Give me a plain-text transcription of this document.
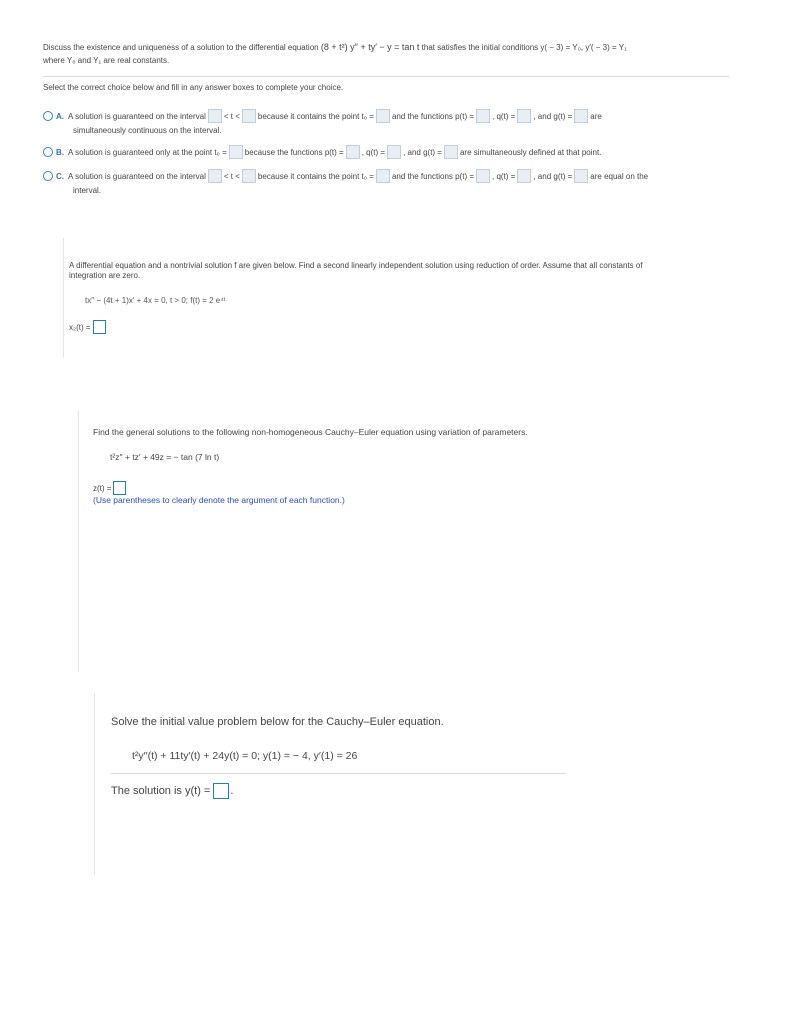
Discuss the existence and uniqueness of a solution to the differential equation (8 + t²) y′′ + ty′ − y = tan t that satisfies the initial conditions y( − 3) = Y₀, y′( − 3) = Y₁
where Y₀ and Y₁ are real constants.
Select the correct choice below and fill in any answer boxes to complete your choice.
A. A solution is guaranteed on the interval < t < because it contains the point t₀ = and the functions p(t) = , q(t) = , and g(t) = are
simultaneously continuous on the interval.
B. A solution is guaranteed only at the point t₀ = because the functions p(t) = , q(t) = , and g(t) = are simultaneously defined at that point.
C. A solution is guaranteed on the interval < t < because it contains the point t₀ = and the functions p(t) = , q(t) = , and g(t) = are equal on the
interval.
A differential equation and a nontrivial solution f are given below. Find a second linearly independent solution using reduction of order. Assume that all constants of
integration are zero.
tx′′ − (4t + 1)x′ + 4x = 0, t > 0; f(t) = 2 e⁴ᵗ
x₂(t) =
Find the general solutions to the following non-homogeneous Cauchy–Euler equation using variation of parameters.
t²z′′ + tz′ + 49z = − tan (7 ln t)
z(t) =
(Use parentheses to clearly denote the argument of each function.)
Solve the initial value problem below for the Cauchy–Euler equation.
t²y′′(t) + 11ty′(t) + 24y(t) = 0; y(1) = − 4, y′(1) = 26
The solution is y(t) = .
